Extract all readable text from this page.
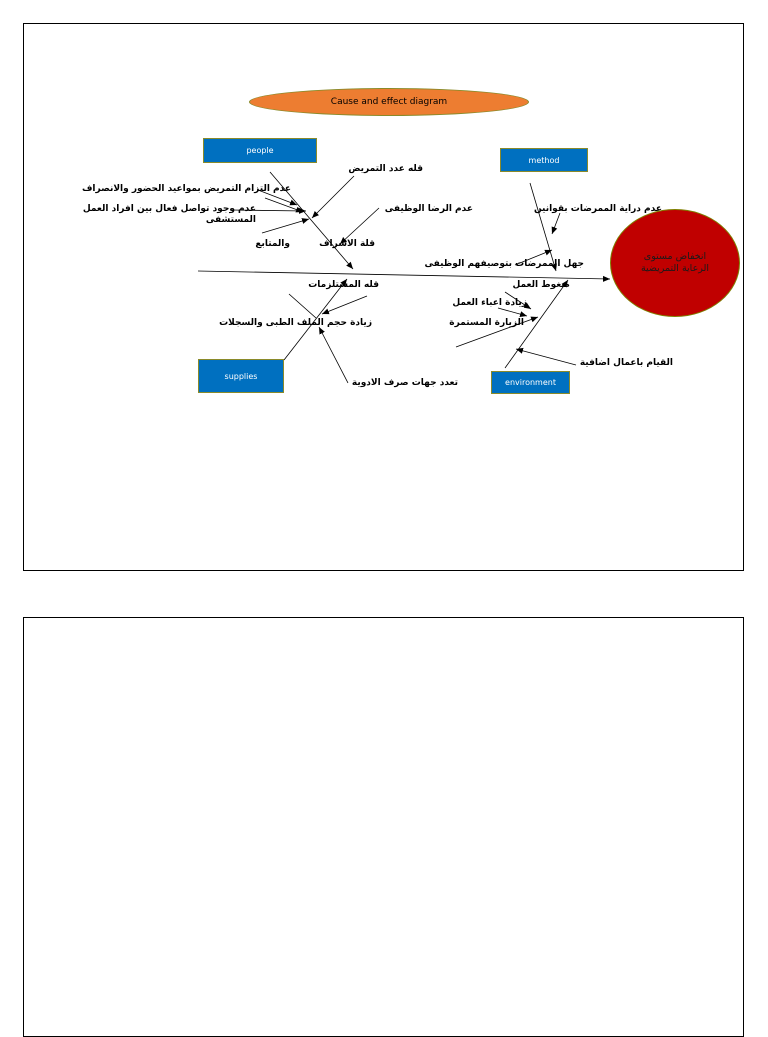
Cause and effect diagram
people
method
supplies
environment
انخفاض مستوى الرعاية التمريضية
قله عدد التمريض
عدم التزام التمريض بمواعيد الحضور والانصراف
عدم وجود تواصل فعال بين افراد العمل المستشفى
عدم الرضا الوظيفى
والمتابع	قلة الاشراف
عدم دراية الممرضات بقوانين
جهل الممرضات بتوصيفهم الوظيفى
قله المستلزمات
زيادة حجم الملف الطبى والسجلات
تعدد جهات صرف الادوية
ضغوط العمل
زيادة اعباء العمل
الزيارة المستمرة
القيام باعمال اضافية
